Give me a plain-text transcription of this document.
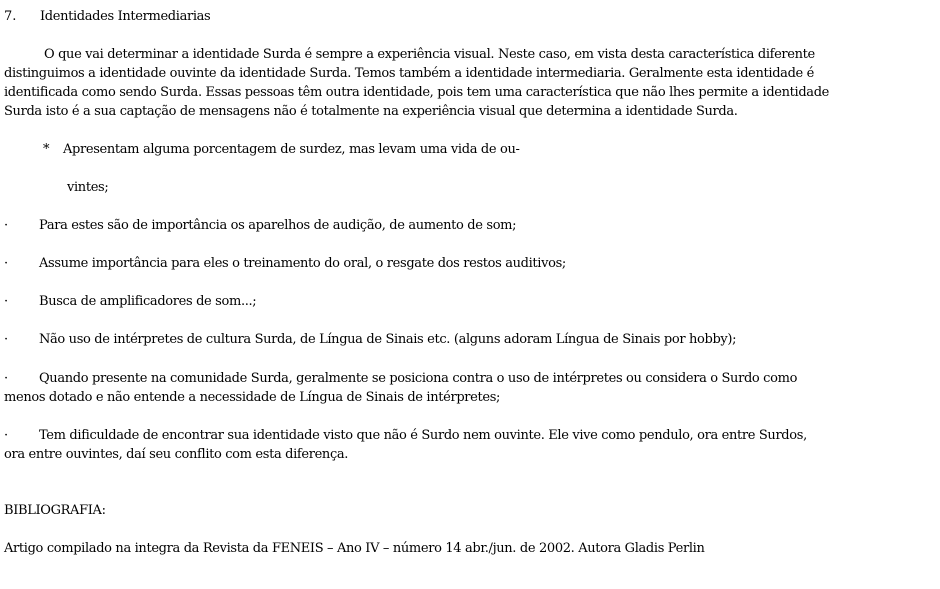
7. Identidades Intermediarias

O que vai determinar a identidade Surda é sempre a experiência visual. Neste caso, em vista desta característica diferente

distinguimos a identidade ouvinte da identidade Surda. Temos também a identidade intermediaria. Geralmente esta identidade é

identificada como sendo Surda. Essas pessoas têm outra identidade, pois tem uma característica que não lhes permite a identidade

Surda isto é a sua captação de mensagens não é totalmente na experiência visual que determina a identidade Surda.

* Apresentam alguma porcentagem de surdez, mas levam uma vida de ou-
vintes;
· Para estes são de importância os aparelhos de audição, de aumento de som;
· Assume importância para eles o treinamento do oral, o resgate dos restos auditivos;
· Busca de amplificadores de som...;
· Não uso de intérpretes de cultura Surda, de Língua de Sinais etc. (alguns adoram Língua de Sinais por hobby);
· Quando presente na comunidade Surda, geralmente se posiciona contra o uso de intérpretes ou considera o Surdo como
menos dotado e não entende a necessidade de Língua de Sinais de intérpretes;
· Tem dificuldade de encontrar sua identidade visto que não é Surdo nem ouvinte. Ele vive como pendulo, ora entre Surdos,
ora entre ouvintes, daí seu conflito com esta diferença.
BIBLIOGRAFIA:
Artigo compilado na integra da Revista da FENEIS – Ano IV – número 14 abr./jun. de 2002. Autora Gladis Perlin
